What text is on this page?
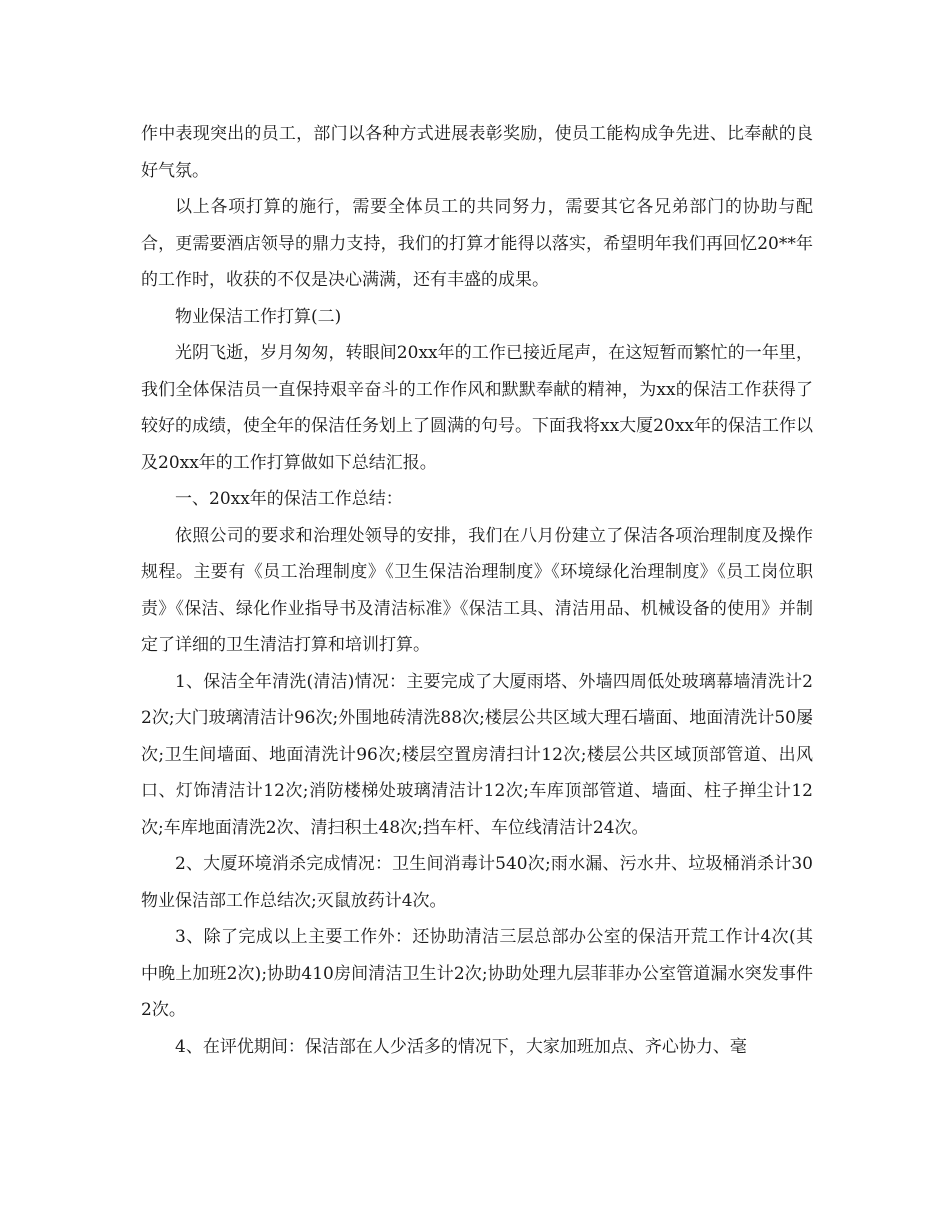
作中表现突出的员工，部门以各种方式进展表彰奖励，使员工能构成争先进、比奉献的良好气氛。

以上各项打算的施行，需要全体员工的共同努力，需要其它各兄弟部门的协助与配合，更需要酒店领导的鼎力支持，我们的打算才能得以落实，希望明年我们再回忆20**年的工作时，收获的不仅是决心满满，还有丰盛的成果。

物业保洁工作打算(二)

光阴飞逝，岁月匆匆，转眼间20xx年的工作已接近尾声，在这短暂而繁忙的一年里，我们全体保洁员一直保持艰辛奋斗的工作作风和默默奉献的精神，为xx的保洁工作获得了较好的成绩，使全年的保洁任务划上了圆满的句号。下面我将xx大厦20xx年的保洁工作以及20xx年的工作打算做如下总结汇报。

一、20xx年的保洁工作总结：

依照公司的要求和治理处领导的安排，我们在八月份建立了保洁各项治理制度及操作规程。主要有《员工治理制度》《卫生保洁治理制度》《环境绿化治理制度》《员工岗位职责》《保洁、绿化作业指导书及清洁标准》《保洁工具、清洁用品、机械设备的使用》并制定了详细的卫生清洁打算和培训打算。

1、保洁全年清洗(清洁)情况：主要完成了大厦雨塔、外墙四周低处玻璃幕墙清洗计22次;大门玻璃清洁计96次;外围地砖清洗88次;楼层公共区域大理石墙面、地面清洗计50屡次;卫生间墙面、地面清洗计96次;楼层空置房清扫计12次;楼层公共区域顶部管道、出风口、灯饰清洁计12次;消防楼梯处玻璃清洁计12次;车库顶部管道、墙面、柱子掸尘计12次;车库地面清洗2次、清扫积土48次;挡车杆、车位线清洁计24次。

2、大厦环境消杀完成情况：卫生间消毒计540次;雨水漏、污水井、垃圾桶消杀计30物业保洁部工作总结次;灭鼠放药计4次。

3、除了完成以上主要工作外：还协助清洁三层总部办公室的保洁开荒工作计4次(其中晚上加班2次);协助410房间清洁卫生计2次;协助处理九层菲菲办公室管道漏水突发事件2次。

4、在评优期间：保洁部在人少活多的情况下，大家加班加点、齐心协力、毫
